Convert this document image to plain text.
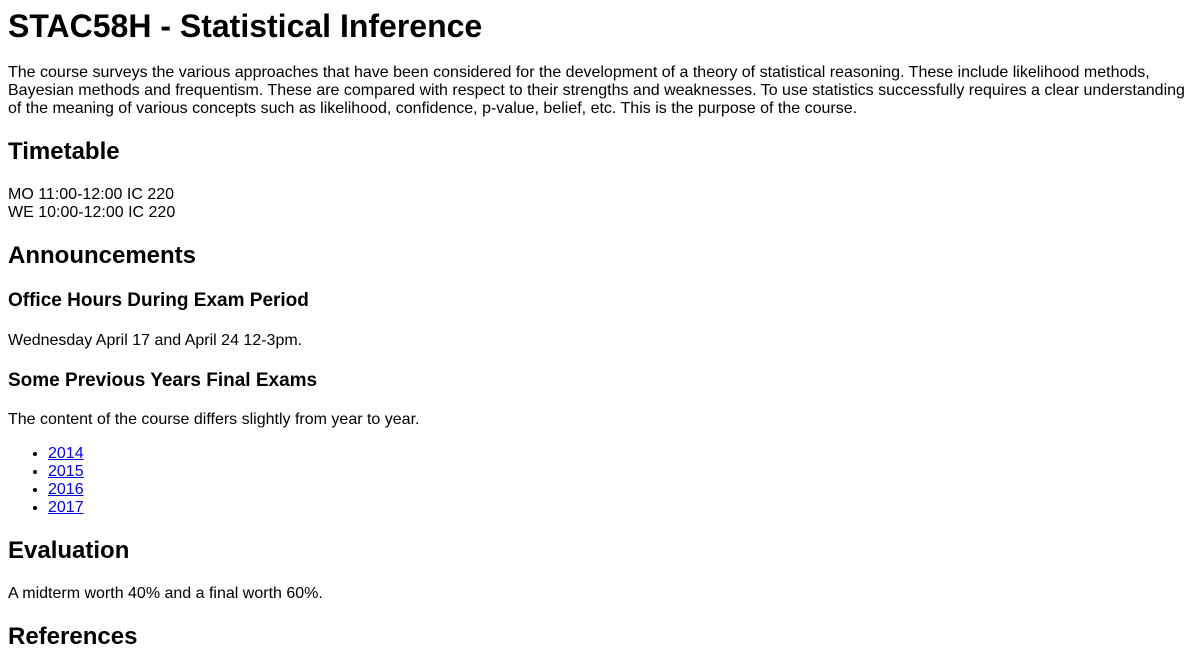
STAC58H - Statistical Inference

The course surveys the various approaches that have been considered for the development of a theory of statistical reasoning. These include likelihood methods, Bayesian methods and frequentism. These are compared with respect to their strengths and weaknesses. To use statistics successfully requires a clear understanding of the meaning of various concepts such as likelihood, confidence, p-value, belief, etc. This is the purpose of the course.

Timetable
MO 11:00-12:00 IC 220
WE 10:00-12:00 IC 220
Announcements
Office Hours During Exam Period

Wednesday April 17 and April 24 12-3pm.

Some Previous Years Final Exams

The content of the course differs slightly from year to year.

• 2014
• 2015
• 2016
• 2017
Evaluation

A midterm worth 40% and a final worth 60%.

References
